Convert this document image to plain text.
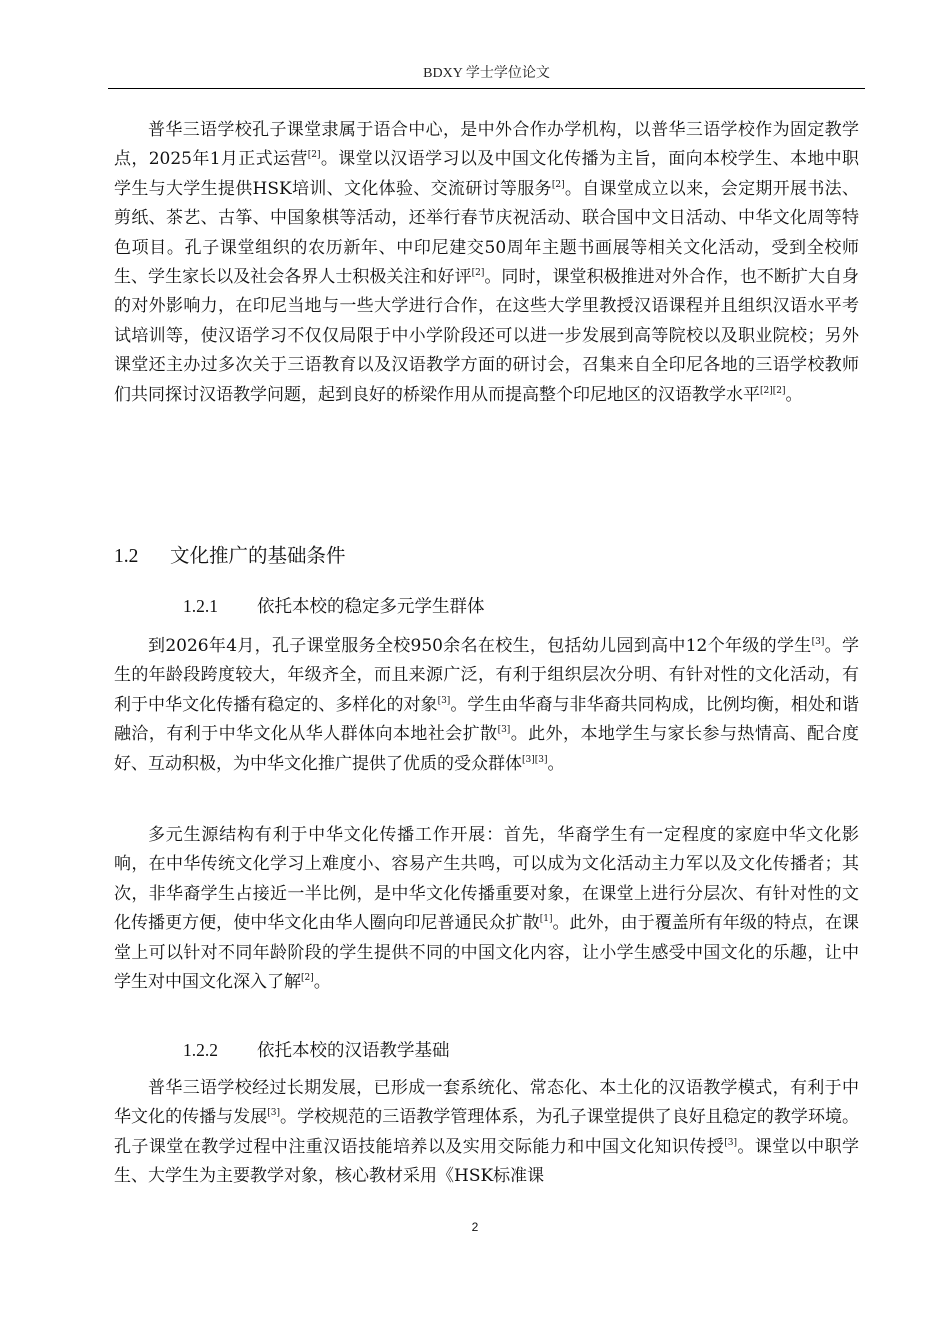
BDXY 学士学位论文

普华三语学校孔子课堂隶属于语合中心，是中外合作办学机构，以普华三语学校作为固定教学点，2025年1月正式运营[2]。课堂以汉语学习以及中国文化传播为主旨，面向本校学生、本地中职学生与大学生提供HSK培训、文化体验、交流研讨等服务[2]。自课堂成立以来，会定期开展书法、剪纸、茶艺、古筝、中国象棋等活动，还举行春节庆祝活动、联合国中文日活动、中华文化周等特色项目。孔子课堂组织的农历新年、中印尼建交50周年主题书画展等相关文化活动，受到全校师生、学生家长以及社会各界人士积极关注和好评[2]。同时，课堂积极推进对外合作，也不断扩大自身的对外影响力，在印尼当地与一些大学进行合作，在这些大学里教授汉语课程并且组织汉语水平考试培训等，使汉语学习不仅仅局限于中小学阶段还可以进一步发展到高等院校以及职业院校；另外课堂还主办过多次关于三语教育以及汉语教学方面的研讨会，召集来自全印尼各地的三语学校教师们共同探讨汉语教学问题，起到良好的桥梁作用从而提高整个印尼地区的汉语教学水平[2][2]。

1.2 文化推广的基础条件
1.2.1 依托本校的稳定多元学生群体

到2026年4月，孔子课堂服务全校950余名在校生，包括幼儿园到高中12个年级的学生[3]。学生的年龄段跨度较大，年级齐全，而且来源广泛，有利于组织层次分明、有针对性的文化活动，有利于中华文化传播有稳定的、多样化的对象[3]。学生由华裔与非华裔共同构成，比例均衡，相处和谐融洽，有利于中华文化从华人群体向本地社会扩散[3]。此外，本地学生与家长参与热情高、配合度好、互动积极，为中华文化推广提供了优质的受众群体[3][3]。

多元生源结构有利于中华文化传播工作开展：首先，华裔学生有一定程度的家庭中华文化影响，在中华传统文化学习上难度小、容易产生共鸣，可以成为文化活动主力军以及文化传播者；其次，非华裔学生占接近一半比例，是中华文化传播重要对象，在课堂上进行分层次、有针对性的文化传播更方便，使中华文化由华人圈向印尼普通民众扩散[1]。此外，由于覆盖所有年级的特点，在课堂上可以针对不同年龄阶段的学生提供不同的中国文化内容，让小学生感受中国文化的乐趣，让中学生对中国文化深入了解[2]。

1.2.2 依托本校的汉语教学基础

普华三语学校经过长期发展，已形成一套系统化、常态化、本土化的汉语教学模式，有利于中华文化的传播与发展[3]。学校规范的三语教学管理体系，为孔子课堂提供了良好且稳定的教学环境。孔子课堂在教学过程中注重汉语技能培养以及实用交际能力和中国文化知识传授[3]。课堂以中职学生、大学生为主要教学对象，核心教材采用《HSK标准课

2
